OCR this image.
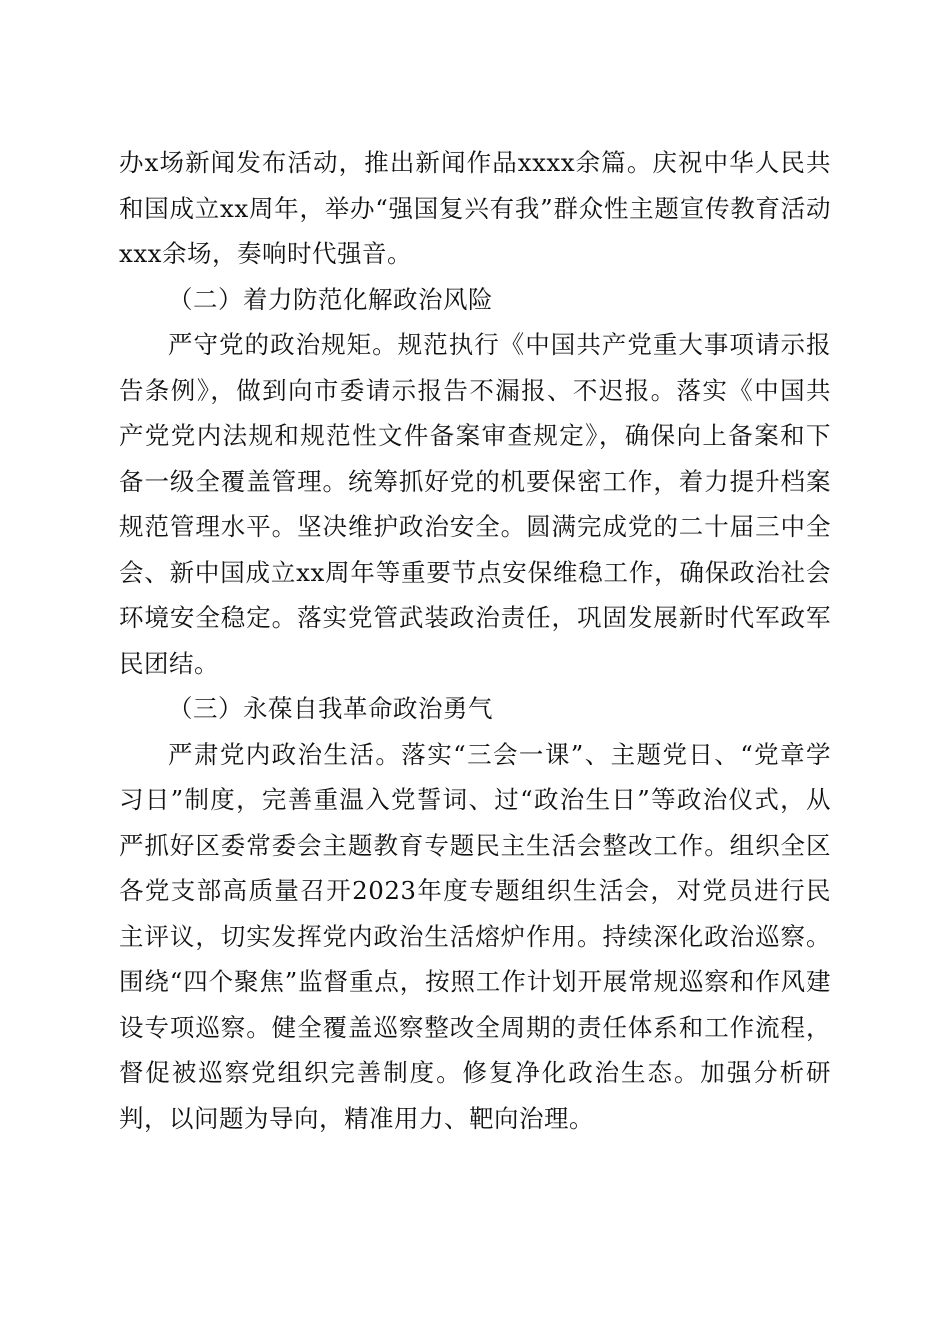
办x场新闻发布活动，推出新闻作品xxxx余篇。庆祝中华人民共和国成立xx周年，举办“强国复兴有我”群众性主题宣传教育活动xxx余场，奏响时代强音。

（二）着力防范化解政治风险

严守党的政治规矩。规范执行《中国共产党重大事项请示报告条例》，做到向市委请示报告不漏报、不迟报。落实《中国共产党党内法规和规范性文件备案审查规定》，确保向上备案和下备一级全覆盖管理。统筹抓好党的机要保密工作，着力提升档案规范管理水平。坚决维护政治安全。圆满完成党的二十届三中全会、新中国成立xx周年等重要节点安保维稳工作，确保政治社会环境安全稳定。落实党管武装政治责任，巩固发展新时代军政军民团结。

（三）永葆自我革命政治勇气

严肃党内政治生活。落实“三会一课”、主题党日、“党章学习日”制度，完善重温入党誓词、过“政治生日”等政治仪式，从严抓好区委常委会主题教育专题民主生活会整改工作。组织全区各党支部高质量召开2023年度专题组织生活会，对党员进行民主评议，切实发挥党内政治生活熔炉作用。持续深化政治巡察。围绕“四个聚焦”监督重点，按照工作计划开展常规巡察和作风建设专项巡察。健全覆盖巡察整改全周期的责任体系和工作流程，督促被巡察党组织完善制度。修复净化政治生态。加强分析研判，以问题为导向，精准用力、靶向治理。
